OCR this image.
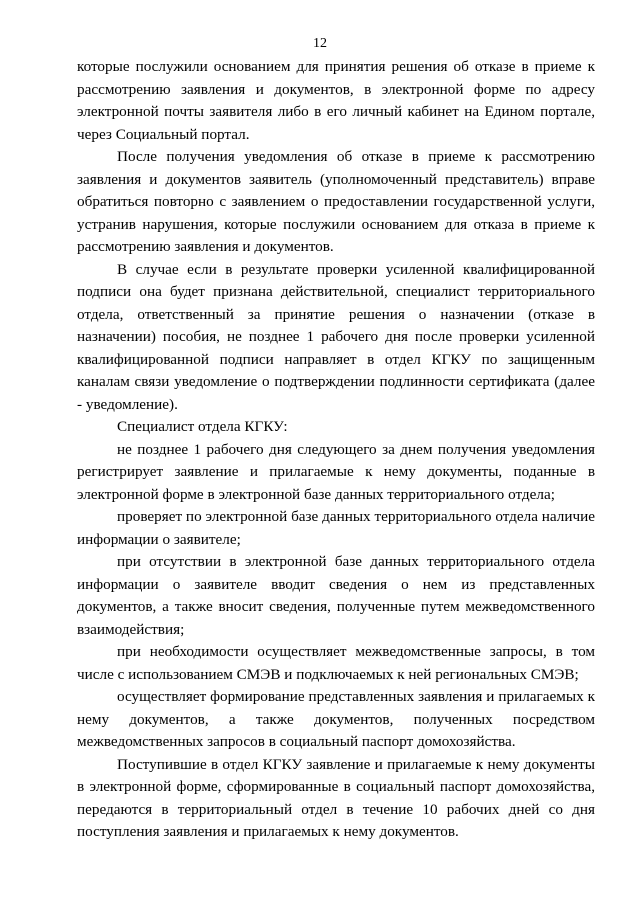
12

которые послужили основанием для принятия решения об отказе в приеме к рассмотрению заявления и документов, в электронной форме по адресу электронной почты заявителя либо в его личный кабинет на Едином портале, через Социальный портал.

После получения уведомления об отказе в приеме к рассмотрению заявления и документов заявитель (уполномоченный представитель) вправе обратиться повторно с заявлением о предоставлении государственной услуги, устранив нарушения, которые послужили основанием для отказа в приеме к рассмотрению заявления и документов.

В случае если в результате проверки усиленной квалифицированной подписи она будет признана действительной, специалист территориального отдела, ответственный за принятие решения о назначении (отказе в назначении) пособия, не позднее 1 рабочего дня после проверки усиленной квалифицированной подписи направляет в отдел КГКУ по защищенным каналам связи уведомление о подтверждении подлинности сертификата (далее - уведомление).

Специалист отдела КГКУ:

не позднее 1 рабочего дня следующего за днем получения уведомления регистрирует заявление и прилагаемые к нему документы, поданные в электронной форме в электронной базе данных территориального отдела;

проверяет по электронной базе данных территориального отдела наличие информации о заявителе;

при отсутствии в электронной базе данных территориального отдела информации о заявителе вводит сведения о нем из представленных документов, а также вносит сведения, полученные путем межведомственного взаимодействия;

при необходимости осуществляет межведомственные запросы, в том числе с использованием СМЭВ и подключаемых к ней региональных СМЭВ;

осуществляет формирование представленных заявления и прилагаемых к нему документов, а также документов, полученных посредством межведомственных запросов в социальный паспорт домохозяйства.

Поступившие в отдел КГКУ заявление и прилагаемые к нему документы в электронной форме, сформированные в социальный паспорт домохозяйства, передаются в территориальный отдел в течение 10 рабочих дней со дня поступления заявления и прилагаемых к нему документов.
